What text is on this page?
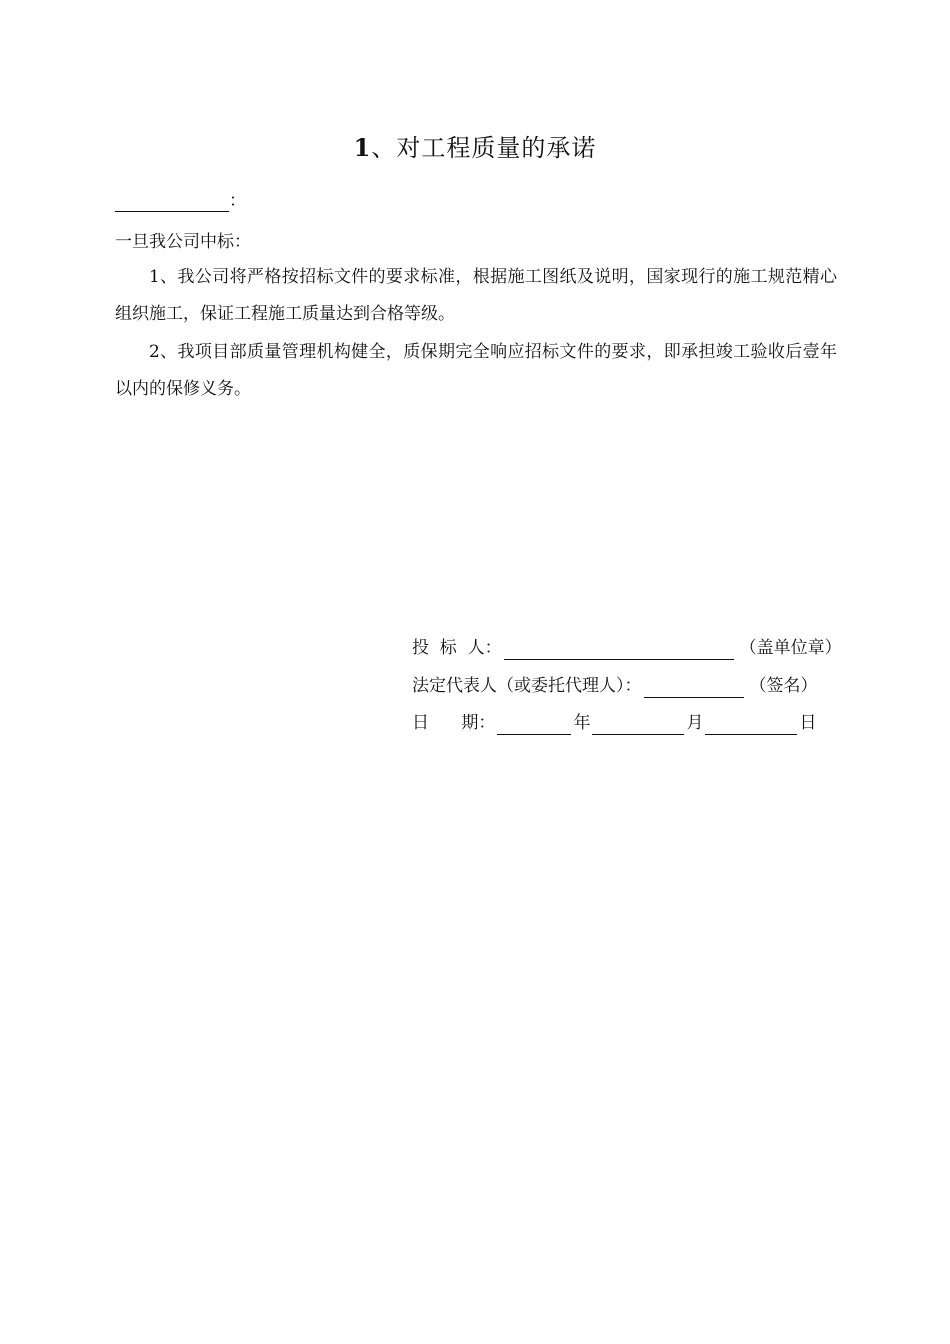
1、对工程质量的承诺
：
一旦我公司中标：
1、我公司将严格按招标文件的要求标准，根据施工图纸及说明，国家现行的施工规范精心组织施工，保证工程施工质量达到合格等级。
2、我项目部质量管理机构健全，质保期完全响应招标文件的要求，即承担竣工验收后壹年以内的保修义务。
投  标  人：	（盖单位章）
法定代表人（或委托代理人）：	（签名）
日      期：	年	月	日
